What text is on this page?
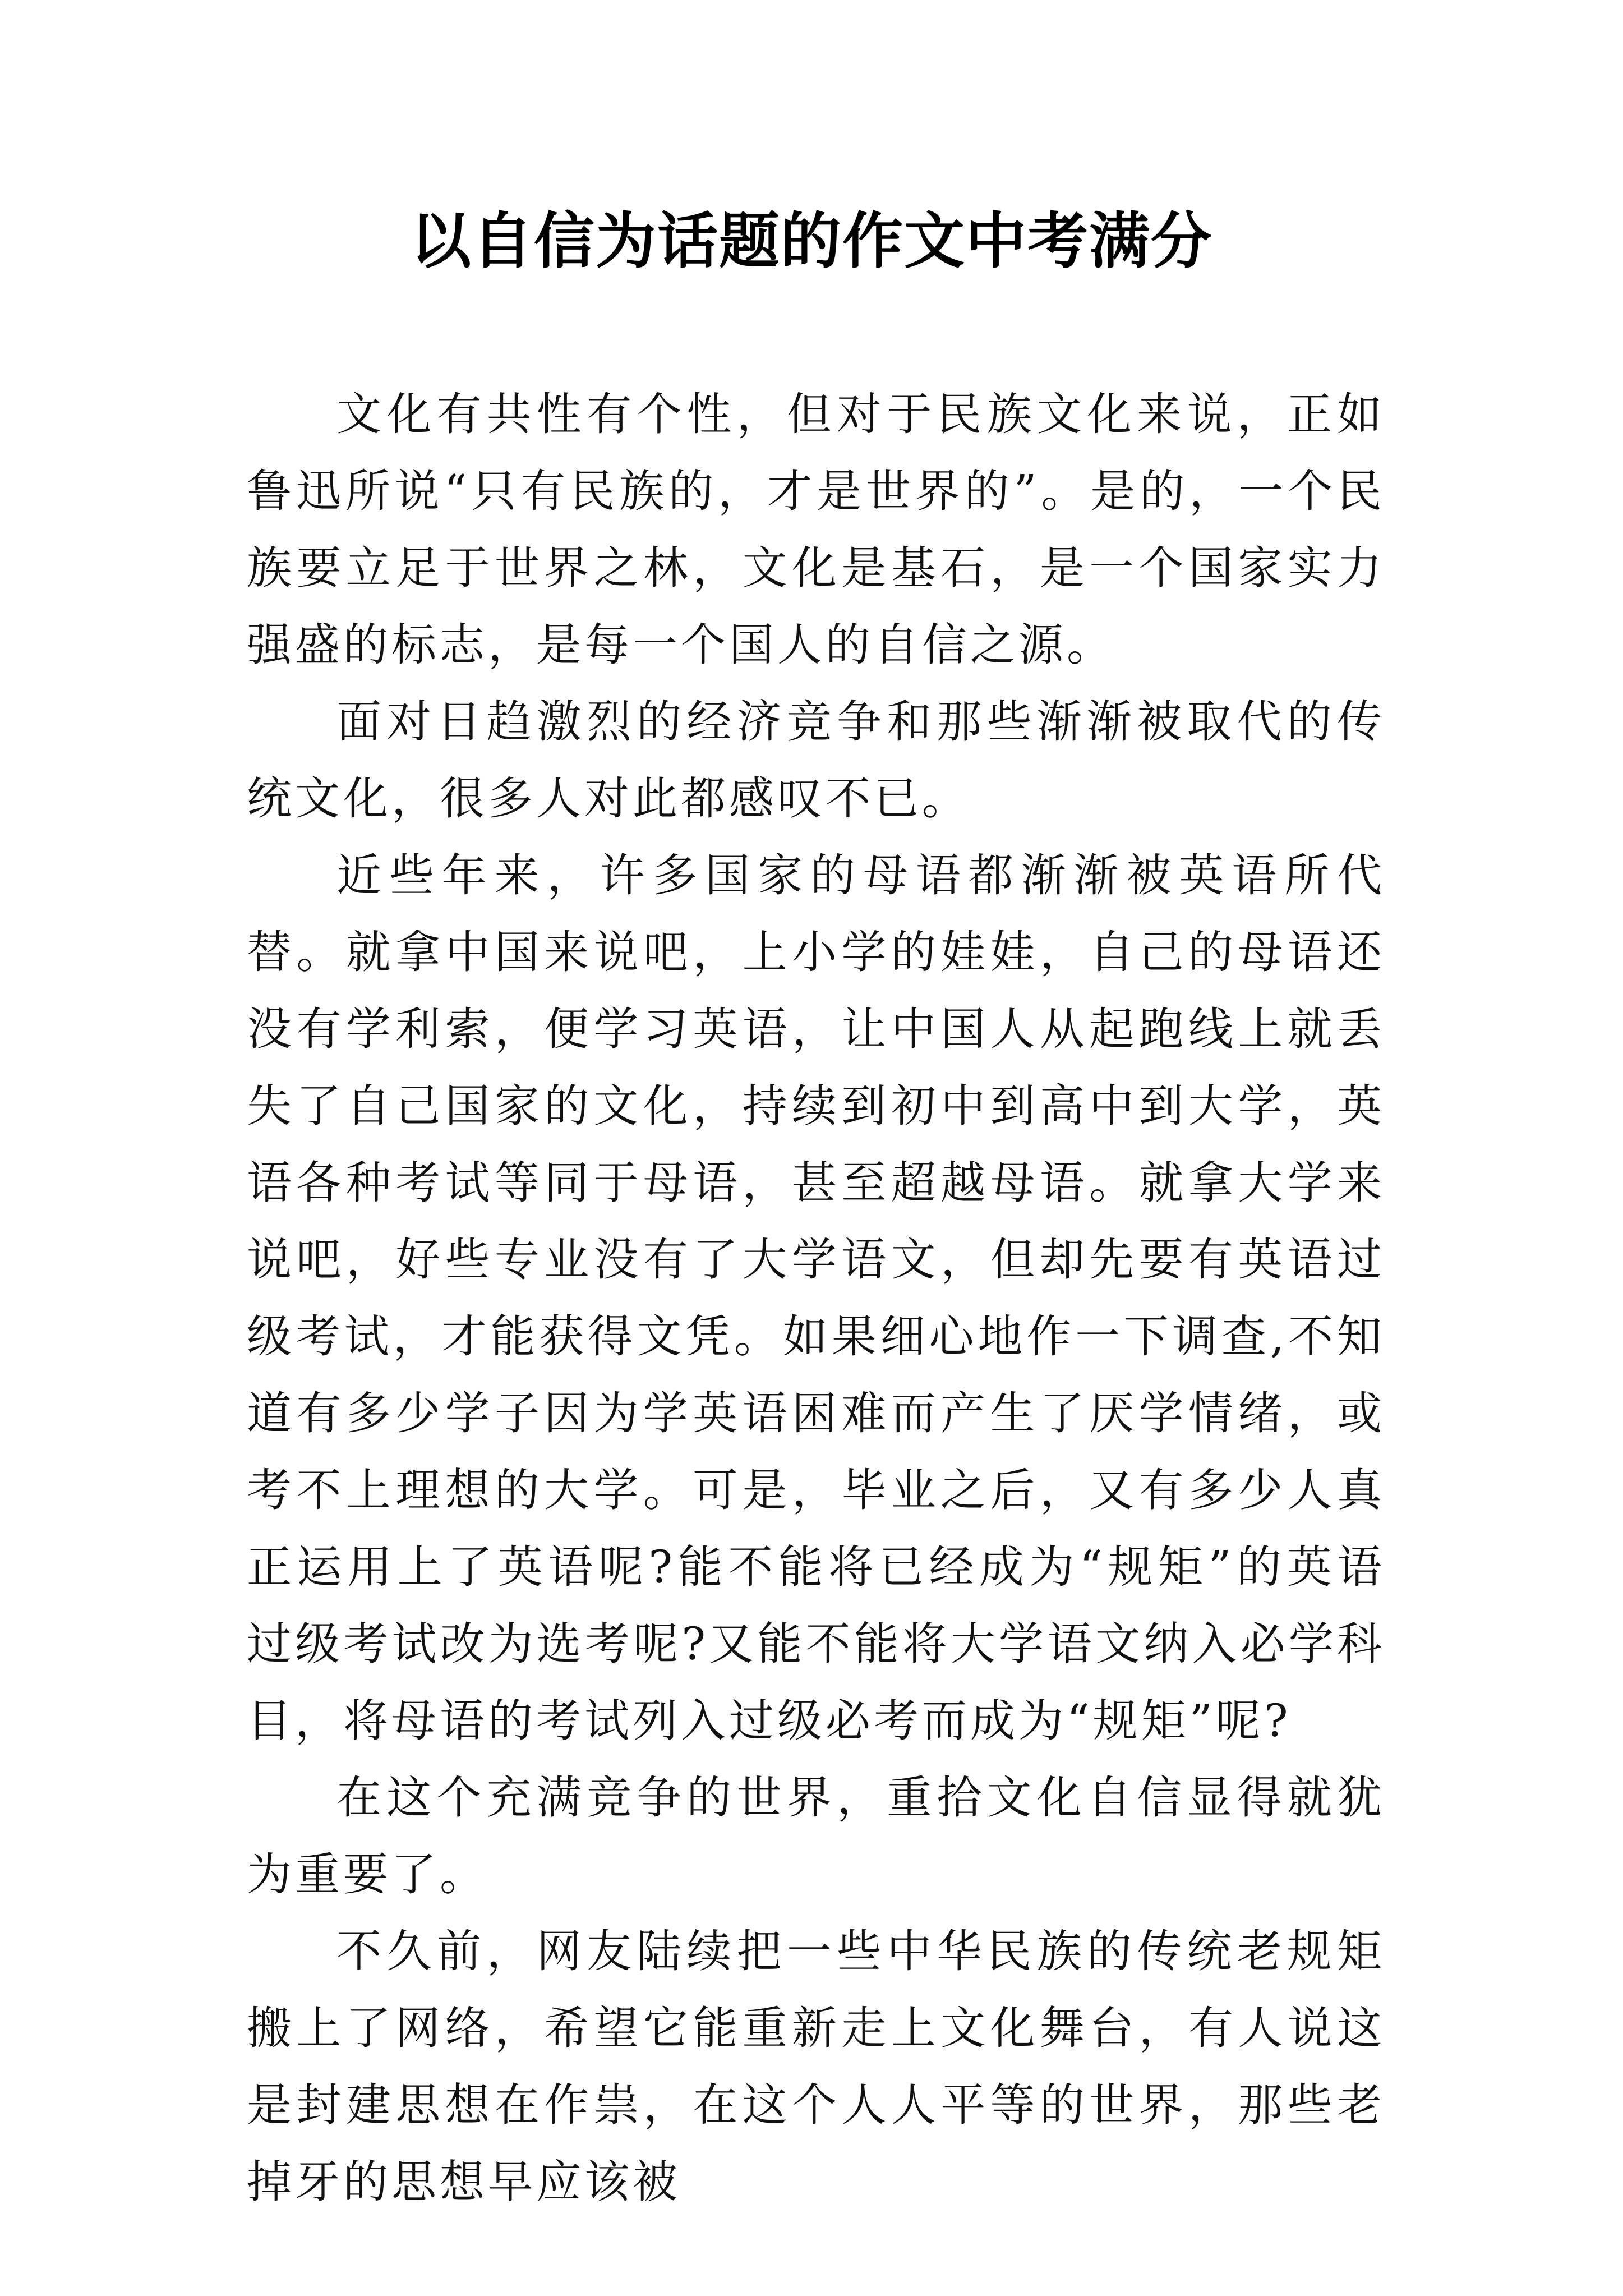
以自信为话题的作文中考满分

文化有共性有个性，但对于民族文化来说，正如鲁迅所说“只有民族的，才是世界的”。是的，一个民族要立足于世界之林，文化是基石，是一个国家实力强盛的标志，是每一个国人的自信之源。

面对日趋激烈的经济竞争和那些渐渐被取代的传统文化，很多人对此都感叹不已。

近些年来，许多国家的母语都渐渐被英语所代替。就拿中国来说吧，上小学的娃娃，自己的母语还没有学利索，便学习英语，让中国人从起跑线上就丢失了自己国家的文化，持续到初中到高中到大学，英语各种考试等同于母语，甚至超越母语。就拿大学来说吧，好些专业没有了大学语文，但却先要有英语过级考试，才能获得文凭。如果细心地作一下调查,不知道有多少学子因为学英语困难而产生了厌学情绪，或考不上理想的大学。可是，毕业之后，又有多少人真正运用上了英语呢?能不能将已经成为“规矩”的英语过级考试改为选考呢?又能不能将大学语文纳入必学科目，将母语的考试列入过级必考而成为“规矩”呢?

在这个充满竞争的世界，重拾文化自信显得就犹为重要了。

不久前，网友陆续把一些中华民族的传统老规矩搬上了网络，希望它能重新走上文化舞台，有人说这是封建思想在作祟，在这个人人平等的世界，那些老掉牙的思想早应该被
